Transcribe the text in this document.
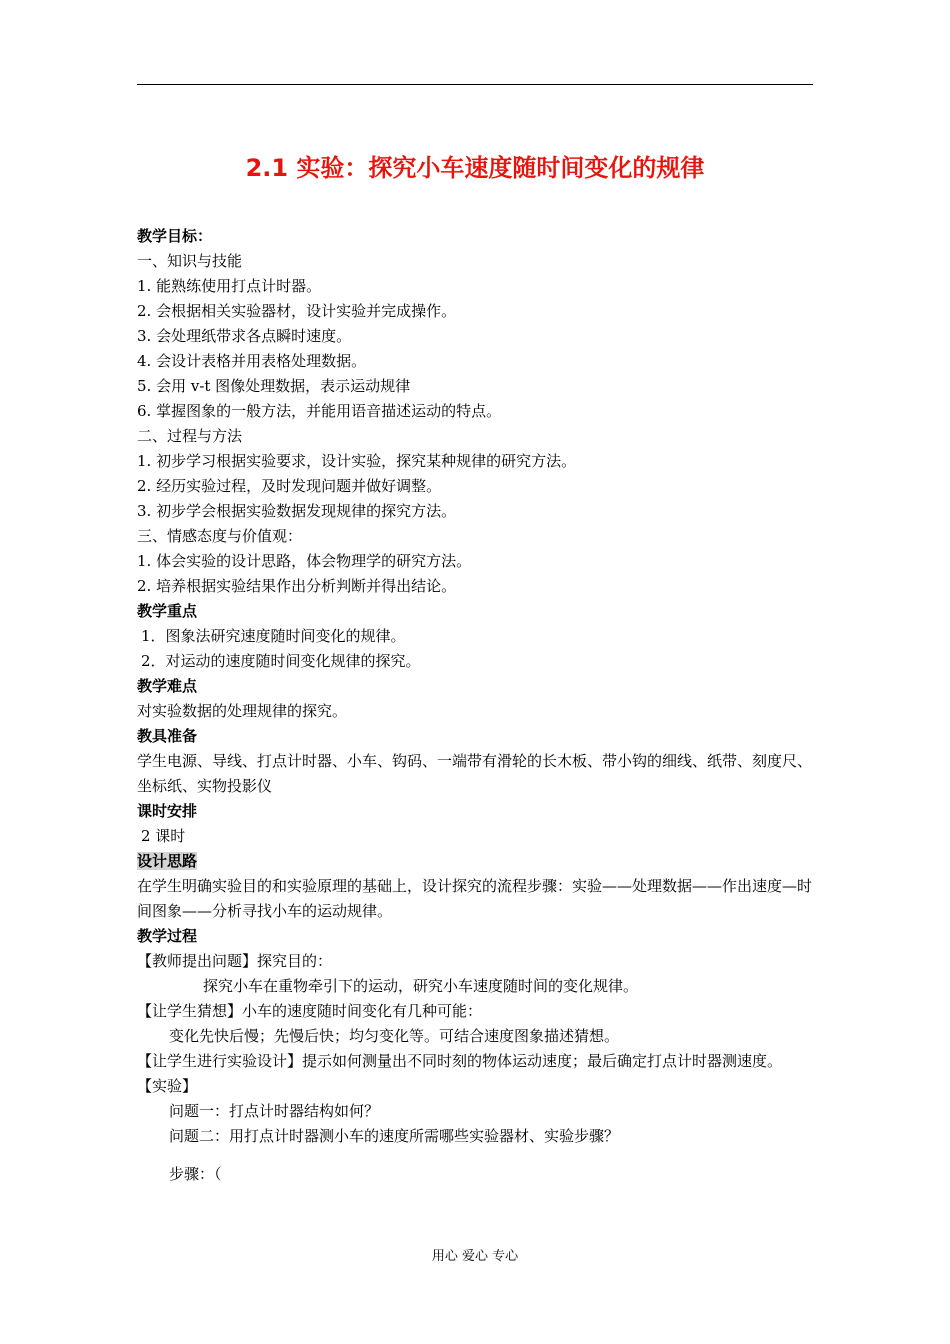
2.1 实验：探究小车速度随时间变化的规律
教学目标：
一、知识与技能
1. 能熟练使用打点计时器。
2. 会根据相关实验器材，设计实验并完成操作。
3. 会处理纸带求各点瞬时速度。
4. 会设计表格并用表格处理数据。
5. 会用 v-t 图像处理数据，表示运动规律
6. 掌握图象的一般方法，并能用语音描述运动的特点。
二、过程与方法
1. 初步学习根据实验要求，设计实验，探究某种规律的研究方法。
2. 经历实验过程，及时发现问题并做好调整。
3. 初步学会根据实验数据发现规律的探究方法。
三、情感态度与价值观：
1. 体会实验的设计思路，体会物理学的研究方法。
2. 培养根据实验结果作出分析判断并得出结论。
教学重点
1．图象法研究速度随时间变化的规律。
2．对运动的速度随时间变化规律的探究。
教学难点
对实验数据的处理规律的探究。
教具准备
学生电源、导线、打点计时器、小车、钩码、一端带有滑轮的长木板、带小钩的细线、纸带、刻度尺、坐标纸、实物投影仪
课时安排
2 课时
设计思路
在学生明确实验目的和实验原理的基础上，设计探究的流程步骤：实验——处理数据——作出速度—时间图象——分析寻找小车的运动规律。
教学过程
【教师提出问题】探究目的：
探究小车在重物牵引下的运动，研究小车速度随时间的变化规律。
【让学生猜想】小车的速度随时间变化有几种可能：
变化先快后慢；先慢后快；均匀变化等。可结合速度图象描述猜想。
【让学生进行实验设计】提示如何测量出不同时刻的物体运动速度；最后确定打点计时器测速度。
【实验】
问题一：打点计时器结构如何？
问题二：用打点计时器测小车的速度所需哪些实验器材、实验步骤？
步骤：（
用心 爱心 专心
